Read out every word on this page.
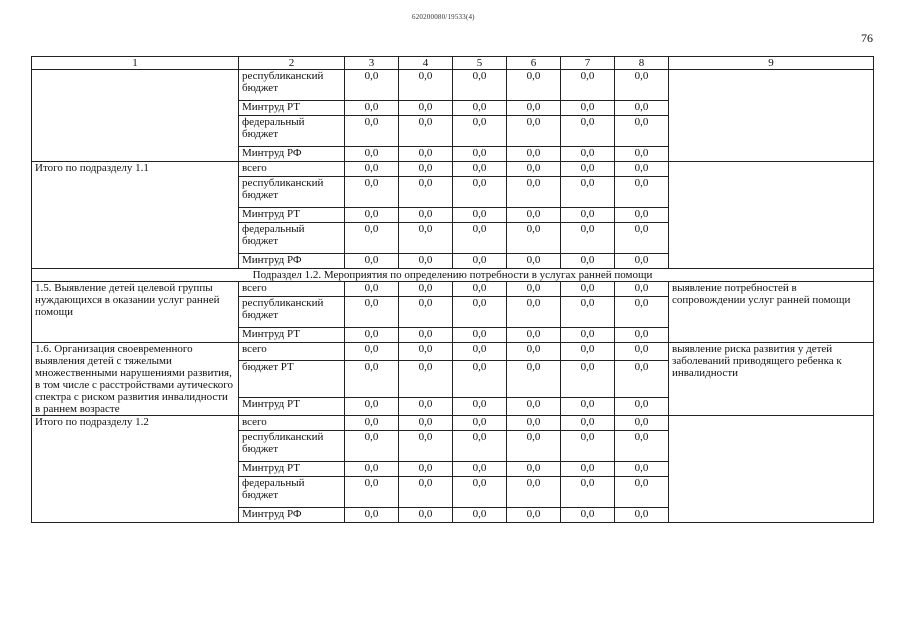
620200080/19533(4)
76
1	2	3	4	5	6	7	8	9
	республиканский бюджет	0,0	0,0	0,0	0,0	0,0	0,0	
	Минтруд РТ	0,0	0,0	0,0	0,0	0,0	0,0	
	федеральный бюджет	0,0	0,0	0,0	0,0	0,0	0,0	
	Минтруд РФ	0,0	0,0	0,0	0,0	0,0	0,0	
Итого по подразделу 1.1	всего	0,0	0,0	0,0	0,0	0,0	0,0	
	республиканский бюджет	0,0	0,0	0,0	0,0	0,0	0,0	
	Минтруд РТ	0,0	0,0	0,0	0,0	0,0	0,0	
	федеральный бюджет	0,0	0,0	0,0	0,0	0,0	0,0	
	Минтруд РФ	0,0	0,0	0,0	0,0	0,0	0,0	
Подраздел 1.2. Мероприятия по определению потребности в услугах ранней помощи								
1.5. Выявление детей целевой группы нуждающихся в оказании услуг ранней помощи	всего	0,0	0,0	0,0	0,0	0,0	0,0	выявление потребностей в сопровождении услуг ранней помощи
	республиканский бюджет	0,0	0,0	0,0	0,0	0,0	0,0	
	Минтруд РТ	0,0	0,0	0,0	0,0	0,0	0,0	
1.6. Организация своевременного выявления детей с тяжелыми множественными нарушениями развития, в том числе с расстройствами аутического спектра с риском развития инвалидности в раннем возрасте	всего	0,0	0,0	0,0	0,0	0,0	0,0	выявление риска развития у детей заболеваний приводящего ребенка к инвалидности
	бюджет РТ	0,0	0,0	0,0	0,0	0,0	0,0	
	Минтруд РТ	0,0	0,0	0,0	0,0	0,0	0,0	
Итого по подразделу 1.2	всего	0,0	0,0	0,0	0,0	0,0	0,0	
	республиканский бюджет	0,0	0,0	0,0	0,0	0,0	0,0	
	Минтруд РТ	0,0	0,0	0,0	0,0	0,0	0,0	
	федеральный бюджет	0,0	0,0	0,0	0,0	0,0	0,0	
	Минтруд РФ	0,0	0,0	0,0	0,0	0,0	0,0	
